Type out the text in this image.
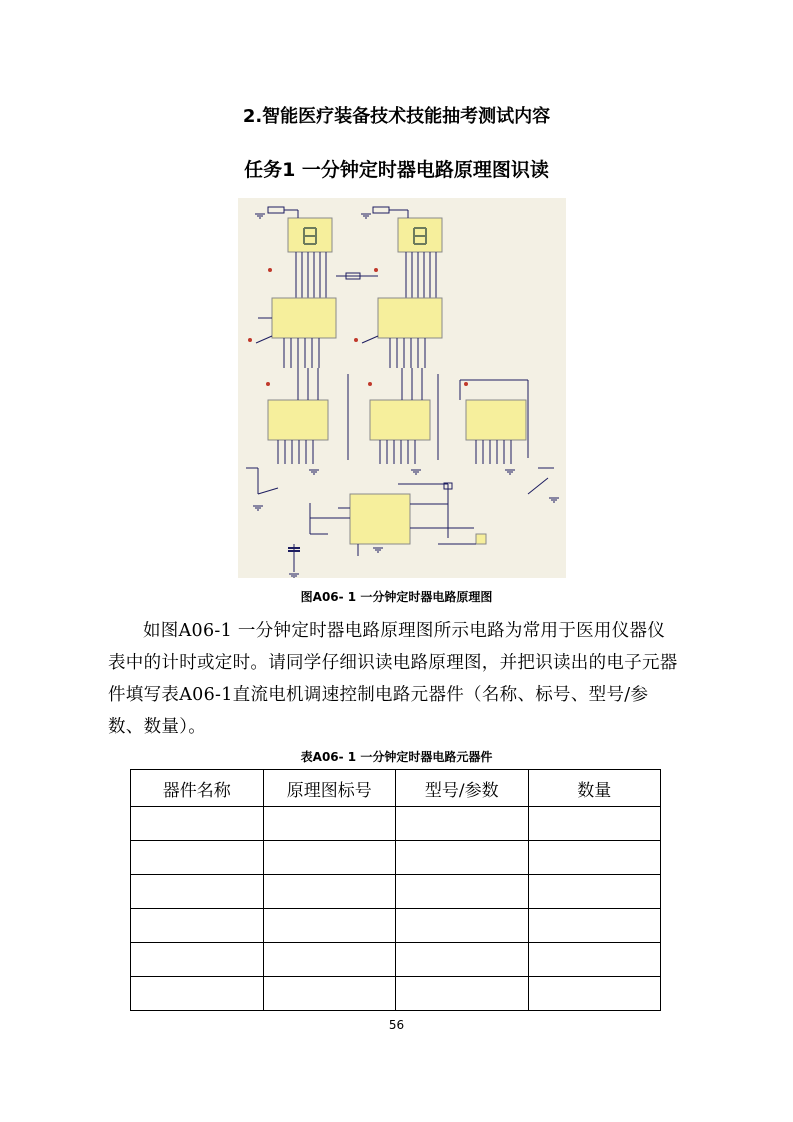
2.智能医疗装备技术技能抽考测试内容
任务1 一分钟定时器电路原理图识读

图A06- 1 一分钟定时器电路原理图

如图A06-1 一分钟定时器电路原理图所示电路为常用于医用仪器仪表中的计时或定时。请同学仔细识读电路原理图，并把识读出的电子元器件填写表A06-1直流电机调速控制电路元器件（名称、标号、型号/参数、数量）。

表A06- 1 一分钟定时器电路元器件

器件名称	原理图标号	型号/参数	数量

56
